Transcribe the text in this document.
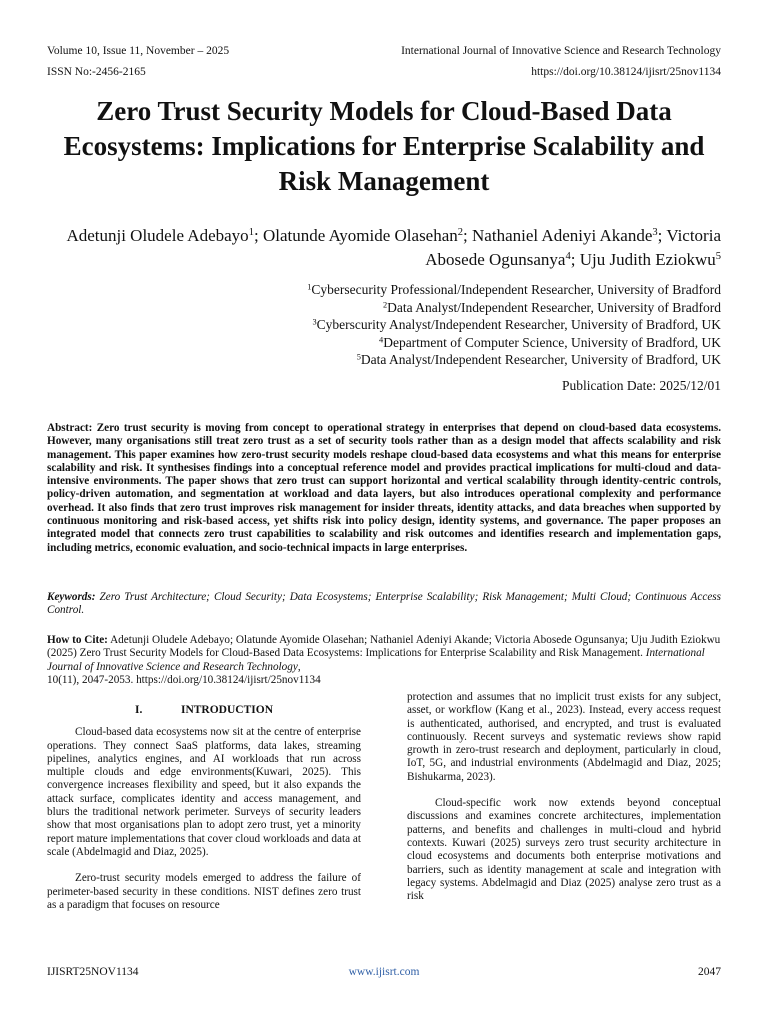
Volume 10, Issue 11, November – 2025	International Journal of Innovative Science and Research Technology
ISSN No:-2456-2165	https://doi.org/10.38124/ijisrt/25nov1134
Zero Trust Security Models for Cloud-Based Data Ecosystems: Implications for Enterprise Scalability and Risk Management
Adetunji Oludele Adebayo$^1$; Olatunde Ayomide Olasehan$^2$; Nathaniel Adeniyi Akande$^3$; Victoria Abosede Ogunsanya$^4$; Uju Judith Eziokwu$^5$
$^1$Cybersecurity Professional/Independent Researcher, University of Bradford
$^2$Data Analyst/Independent Researcher, University of Bradford
$^3$Cyberscurity Analyst/Independent Researcher, University of Bradford, UK
$^4$Department of Computer Science, University of Bradford, UK
$^5$Data Analyst/Independent Researcher, University of Bradford, UK
Publication Date: 2025/12/01

Abstract: Zero trust security is moving from concept to operational strategy in enterprises that depend on cloud-based data ecosystems. However, many organisations still treat zero trust as a set of security tools rather than as a design model that affects scalability and risk management. This paper examines how zero-trust security models reshape cloud-based data ecosystems and what this means for enterprise scalability and risk. It synthesises findings into a conceptual reference model and provides practical implications for multi-cloud and data-intensive environments. The paper shows that zero trust can support horizontal and vertical scalability through identity-centric controls, policy-driven automation, and segmentation at workload and data layers, but also introduces operational complexity and performance overhead. It also finds that zero trust improves risk management for insider threats, identity attacks, and data breaches when supported by continuous monitoring and risk-based access, yet shifts risk into policy design, identity systems, and governance. The paper proposes an integrated model that connects zero trust capabilities to scalability and risk outcomes and identifies research and implementation gaps, including metrics, economic evaluation, and socio-technical impacts in large enterprises.

Keywords: Zero Trust Architecture; Cloud Security; Data Ecosystems; Enterprise Scalability; Risk Management; Multi Cloud; Continuous Access Control.

How to Cite: Adetunji Oludele Adebayo; Olatunde Ayomide Olasehan; Nathaniel Adeniyi Akande; Victoria Abosede Ogunsanya; Uju Judith Eziokwu (2025) Zero Trust Security Models for Cloud-Based Data Ecosystems: Implications for Enterprise Scalability and Risk Management. International Journal of Innovative Science and Research Technology,
10(11), 2047-2053. https://doi.org/10.38124/ijisrt/25nov1134

I.	INTRODUCTION

Cloud-based data ecosystems now sit at the centre of enterprise operations. They connect SaaS platforms, data lakes, streaming pipelines, analytics engines, and AI workloads that run across multiple clouds and edge environments(Kuwari, 2025). This convergence increases flexibility and speed, but it also expands the attack surface, complicates identity and access management, and blurs the traditional network perimeter. Surveys of security leaders show that most organisations plan to adopt zero trust, yet a minority report mature implementations that cover cloud workloads and data at scale (Abdelmagid and Diaz, 2025).

Zero-trust security models emerged to address the failure of perimeter-based security in these conditions. NIST defines zero trust as a paradigm that focuses on resource

protection and assumes that no implicit trust exists for any subject, asset, or workflow (Kang et al., 2023). Instead, every access request is authenticated, authorised, and encrypted, and trust is evaluated continuously. Recent surveys and systematic reviews show rapid growth in zero-trust research and deployment, particularly in cloud, IoT, 5G, and industrial environments (Abdelmagid and Diaz, 2025; Bishukarma, 2023).

Cloud-specific work now extends beyond conceptual discussions and examines concrete architectures, implementation patterns, and benefits and challenges in multi-cloud and hybrid contexts. Kuwari (2025) surveys zero trust security architecture in cloud ecosystems and documents both enterprise motivations and barriers, such as identity management at scale and integration with legacy systems. Abdelmagid and Diaz (2025) analyse zero trust as a risk

IJISRT25NOV1134	www.ijisrt.com	2047
